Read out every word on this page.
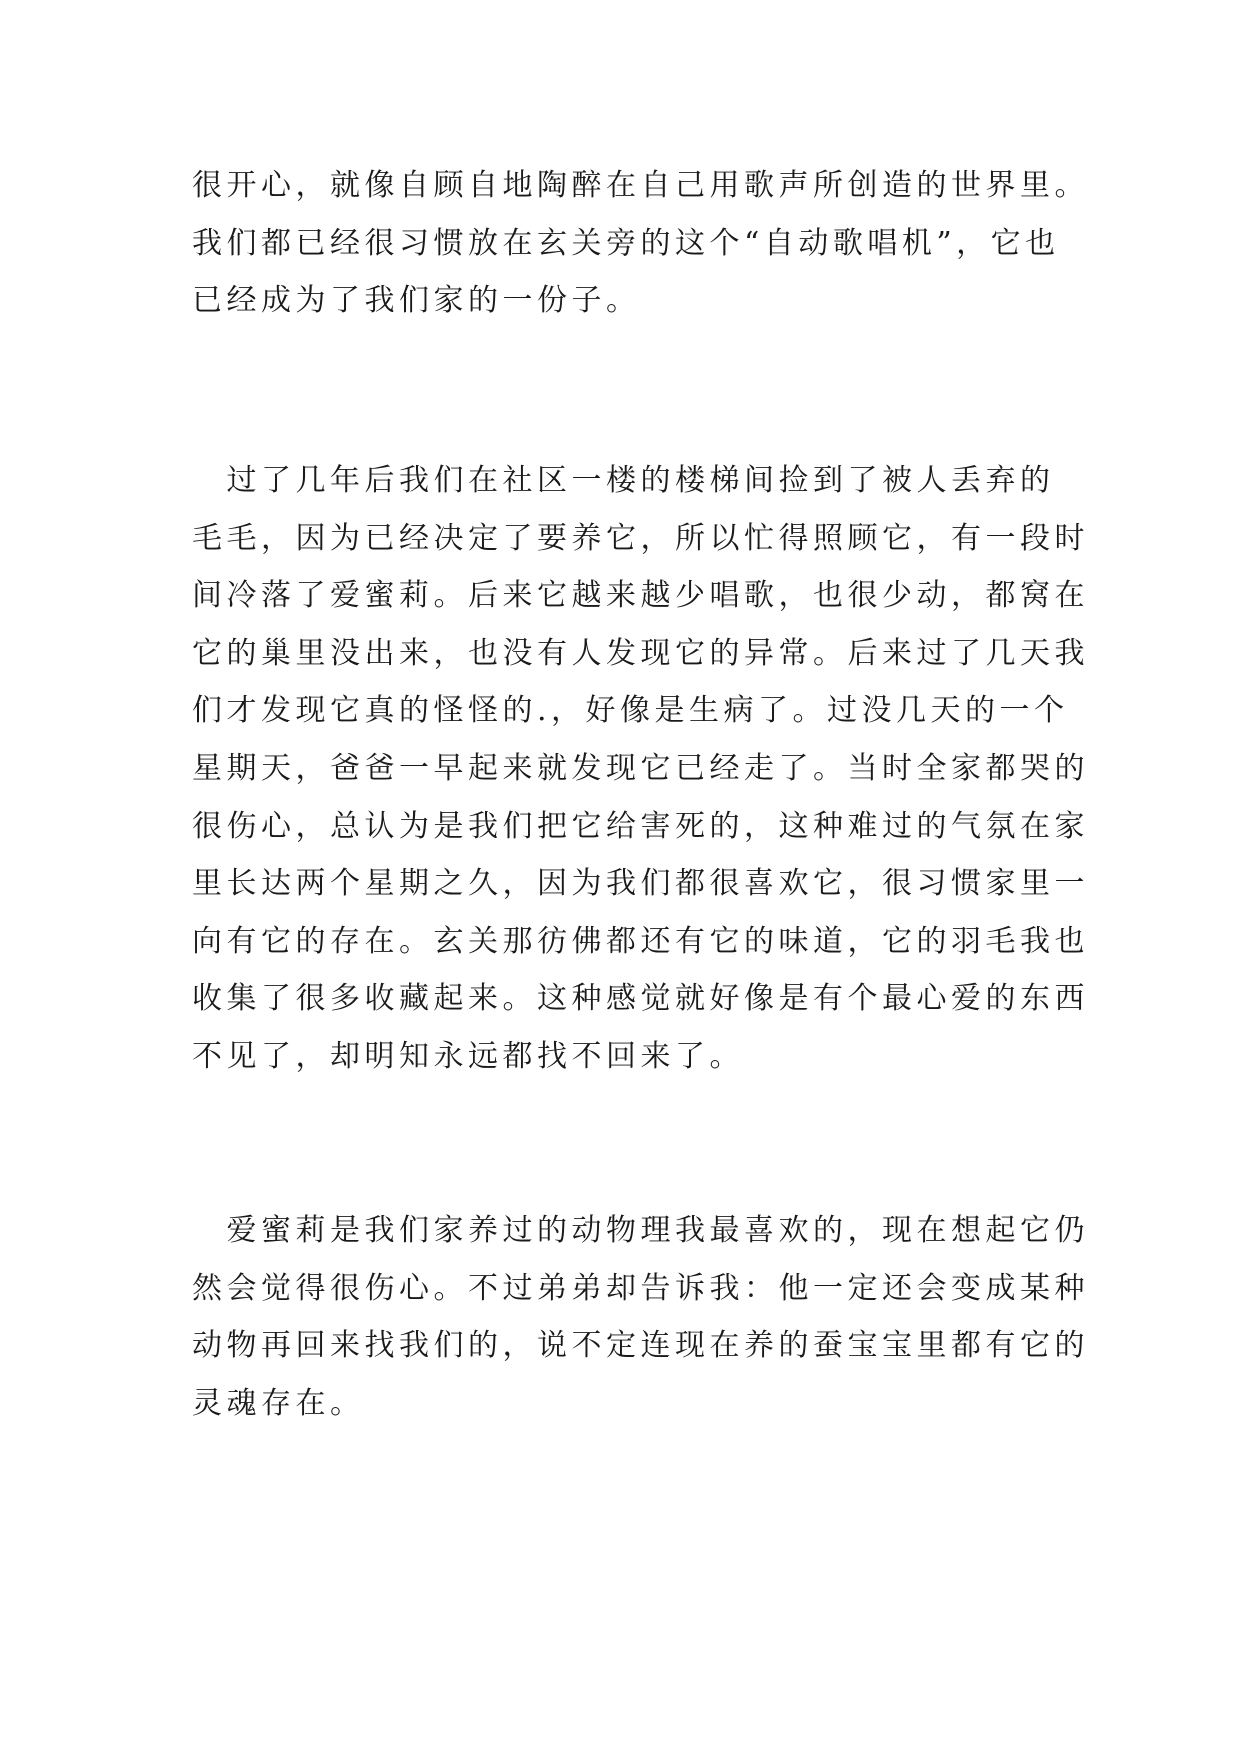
很开心，就像自顾自地陶醉在自己用歌声所创造的世界里。
我们都已经很习惯放在玄关旁的这个“自动歌唱机”，它也
已经成为了我们家的一份子。

　过了几年后我们在社区一楼的楼梯间捡到了被人丢弃的
毛毛，因为已经决定了要养它，所以忙得照顾它，有一段时
间冷落了爱蜜莉。后来它越来越少唱歌，也很少动，都窝在
它的巢里没出来，也没有人发现它的异常。后来过了几天我
们才发现它真的怪怪的.，好像是生病了。过没几天的一个
星期天，爸爸一早起来就发现它已经走了。当时全家都哭的
很伤心，总认为是我们把它给害死的，这种难过的气氛在家
里长达两个星期之久，因为我们都很喜欢它，很习惯家里一
向有它的存在。玄关那彷佛都还有它的味道，它的羽毛我也
收集了很多收藏起来。这种感觉就好像是有个最心爱的东西
不见了，却明知永远都找不回来了。

　爱蜜莉是我们家养过的动物理我最喜欢的，现在想起它仍
然会觉得很伤心。不过弟弟却告诉我：他一定还会变成某种
动物再回来找我们的，说不定连现在养的蚕宝宝里都有它的
灵魂存在。
